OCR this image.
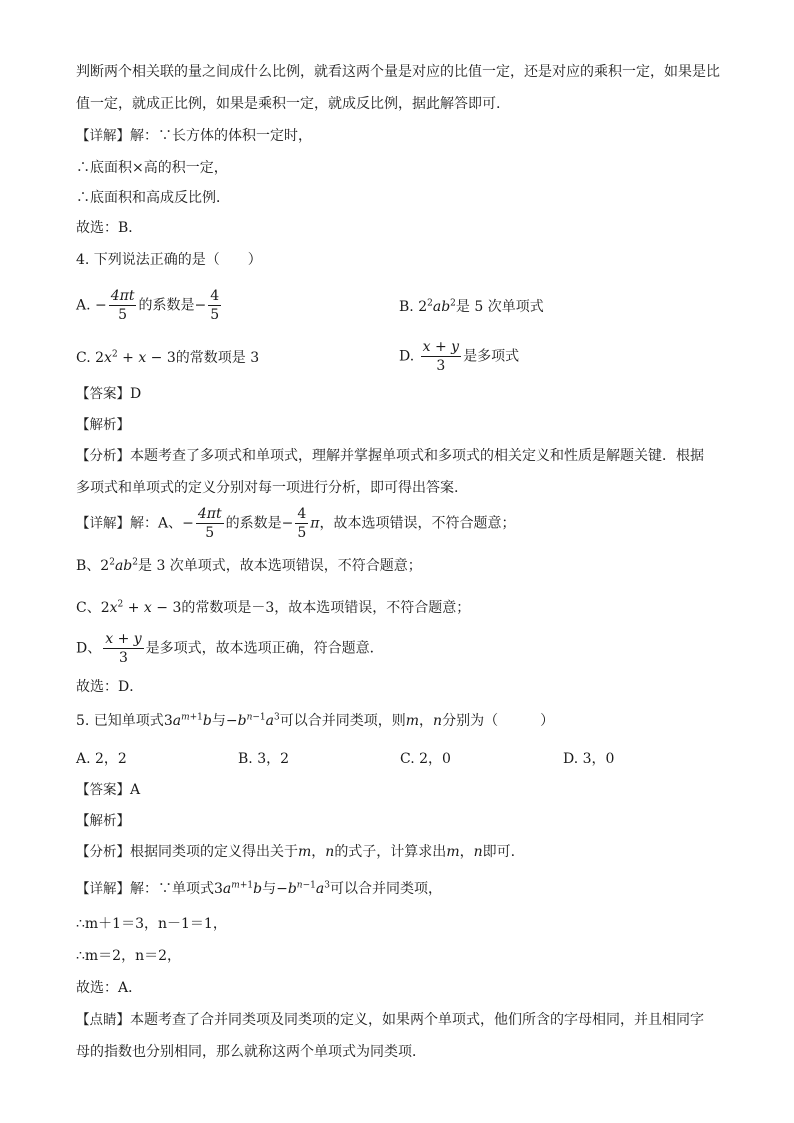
判断两个相关联的量之间成什么比例，就看这两个量是对应的比值一定，还是对应的乘积一定，如果是比
值一定，就成正比例，如果是乘积一定，就成反比例，据此解答即可.
【详解】解：∵长方体的体积一定时，
∴底面积×高的积一定，
∴底面积和高成反比例．
故选：B．
4. 下列说法正确的是（　　）
A. − $\frac{4\pi t}{5}$ 的系数是− $\frac{4}{5}$	B. $2^2ab^2$是 5 次单项式
C. $2x^2 + x - 3$的常数项是 3	D. $\frac{x + y}{3}$ 是多项式
【答案】D
【解析】
【分析】本题考查了多项式和单项式，理解并掌握单项式和多项式的相关定义和性质是解题关键．根据
多项式和单项式的定义分别对每一项进行分析，即可得出答案.
【详解】解：A、− $\frac{4\pi t}{5}$ 的系数是− $\frac{4}{5}$ π，故本选项错误，不符合题意；
B、$2^2ab^2$是 3 次单项式，故本选项错误，不符合题意；
C、$2x^2 + x - 3$的常数项是－3，故本选项错误，不符合题意；
D、 $\frac{x + y}{3}$ 是多项式，故本选项正确，符合题意．
故选：D．
5. 已知单项式$3a^{m+1}b$与$-b^{n-1}a^3$可以合并同类项，则m，n分别为（　　　）
A. 2，2	B. 3，2	C. 2，0	D. 3，0
【答案】A
【解析】
【分析】根据同类项的定义得出关于m，n的式子，计算求出m，n即可.
【详解】解：∵单项式$3a^{m+1}b$与$-b^{n-1}a^3$可以合并同类项，
∴m＋1＝3，n－1＝1，
∴m＝2，n＝2，
故选：A．
【点睛】本题考查了合并同类项及同类项的定义，如果两个单项式，他们所含的字母相同，并且相同字
母的指数也分别相同，那么就称这两个单项式为同类项．
